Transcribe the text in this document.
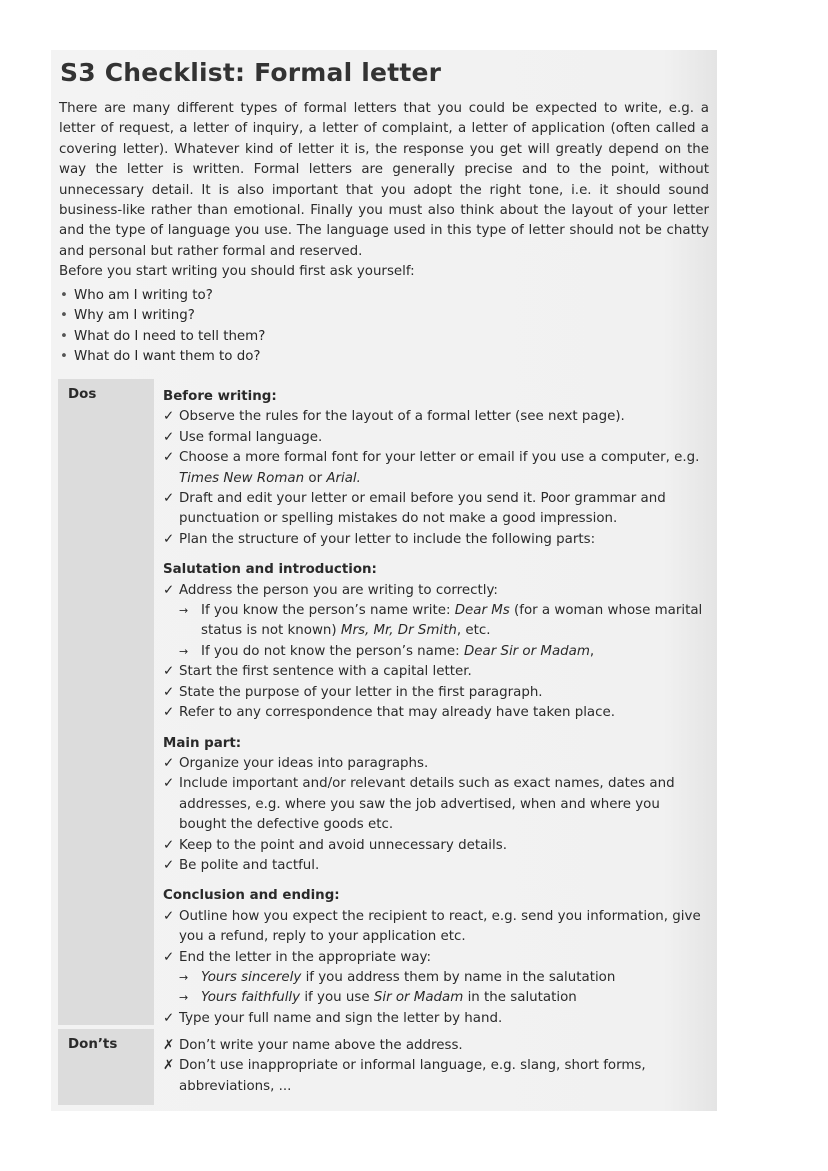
S3 Checklist: Formal letter

There are many different types of formal letters that you could be expected to write, e.g. a letter of request, a letter of inquiry, a letter of complaint, a letter of application (often called a covering letter). Whatever kind of letter it is, the response you get will greatly depend on the way the letter is written. Formal letters are generally precise and to the point, without unnecessary detail. It is also important that you adopt the right tone, i.e. it should sound business-like rather than emotional. Finally you must also think about the layout of your letter and the type of language you use. The language used in this type of letter should not be chatty and personal but rather formal and reserved.

Before you start writing you should first ask yourself:

• Who am I writing to?
• Why am I writing?
• What do I need to tell them?
• What do I want them to do?
Dos
Don’ts
Before writing:
✓ Observe the rules for the layout of a formal letter (see next page).
✓ Use formal language.
✓ Choose a more formal font for your letter or email if you use a computer, e.g. Times New Roman or Arial.
✓ Draft and edit your letter or email before you send it. Poor grammar and punctuation or spelling mistakes do not make a good impression.
✓ Plan the structure of your letter to include the following parts:
Salutation and introduction:
✓ Address the person you are writing to correctly:
→ If you know the person’s name write: Dear Ms (for a woman whose marital status is not known) Mrs, Mr, Dr Smith, etc.
→ If you do not know the person’s name: Dear Sir or Madam,
✓ Start the first sentence with a capital letter.
✓ State the purpose of your letter in the first paragraph.
✓ Refer to any correspondence that may already have taken place.
Main part:
✓ Organize your ideas into paragraphs.
✓ Include important and/or relevant details such as exact names, dates and addresses, e.g. where you saw the job advertised, when and where you bought the defective goods etc.
✓ Keep to the point and avoid unnecessary details.
✓ Be polite and tactful.
Conclusion and ending:
✓ Outline how you expect the recipient to react, e.g. send you information, give you a refund, reply to your application etc.
✓ End the letter in the appropriate way:
→ Yours sincerely if you address them by name in the salutation
→ Yours faithfully if you use Sir or Madam in the salutation
✓ Type your full name and sign the letter by hand.
✗ Don’t write your name above the address.
✗ Don’t use inappropriate or informal language, e.g. slang, short forms, abbreviations, ...
